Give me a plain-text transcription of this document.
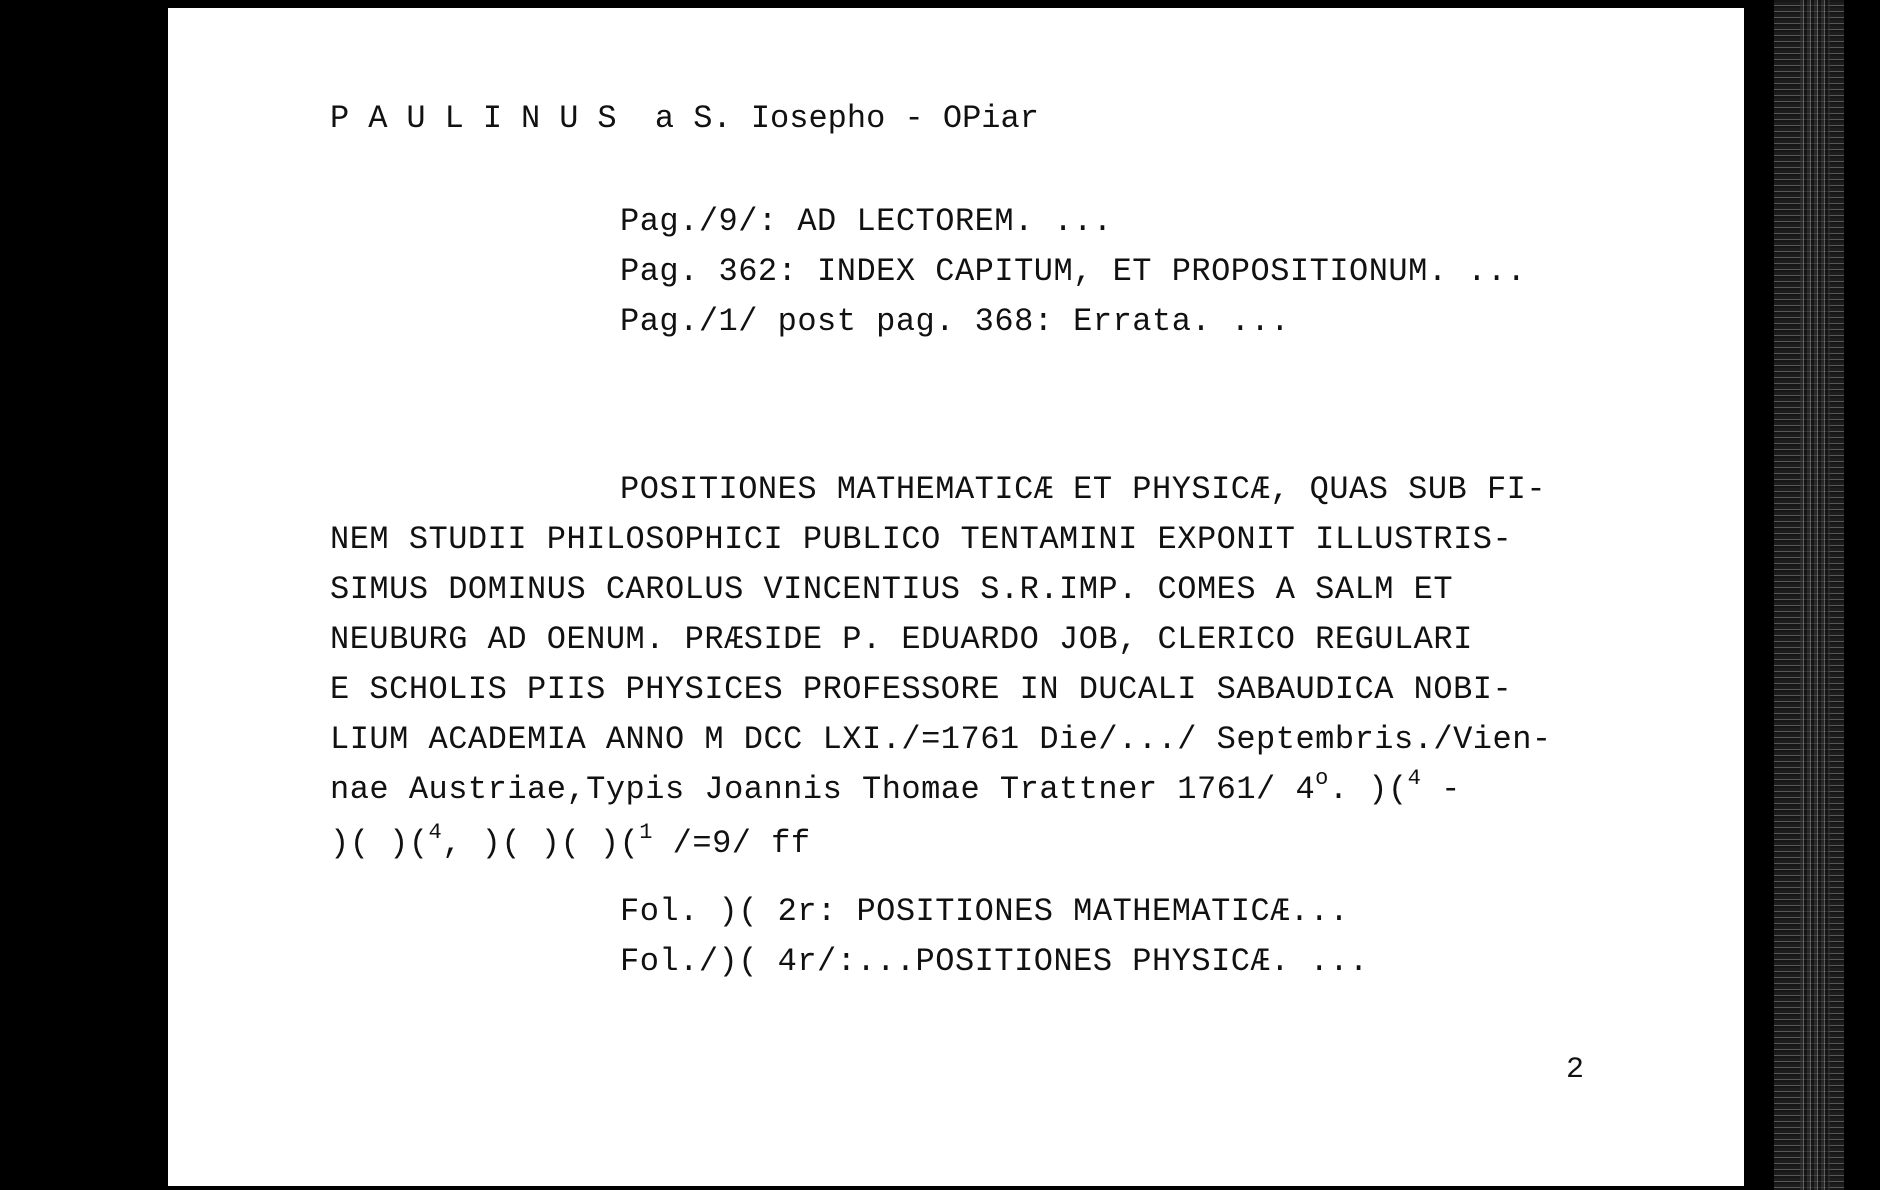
PAULINUS a S. Iosepho - OPiar
Pag./9/: AD LECTOREM. ...
Pag. 362: INDEX CAPITUM, ET PROPOSITIONUM. ...
Pag./1/ post pag. 368: Errata. ...
POSITIONES MATHEMATICÆ ET PHYSICÆ, QUAS SUB FI-
NEM STUDII PHILOSOPHICI PUBLICO TENTAMINI EXPONIT ILLUSTRIS-
SIMUS DOMINUS CAROLUS VINCENTIUS S.R.IMP. COMES A SALM ET
NEUBURG AD OENUM. PRÆSIDE P. EDUARDO JOB, CLERICO REGULARI
E SCHOLIS PIIS PHYSICES PROFESSORE IN DUCALI SABAUDICA NOBI-
LIUM ACADEMIA ANNO M DCC LXI./=1761 Die/.../ Septembris./Vien-
nae Austriae,Typis Joannis Thomae Trattner 1761/ 4$^o$. )($^4$ -
)( )($^4$, )( )( )($^1$ /=9/ ff
Fol. )( 2r: POSITIONES MATHEMATICÆ...
Fol./)( 4r/:...POSITIONES PHYSICÆ. ...
2
